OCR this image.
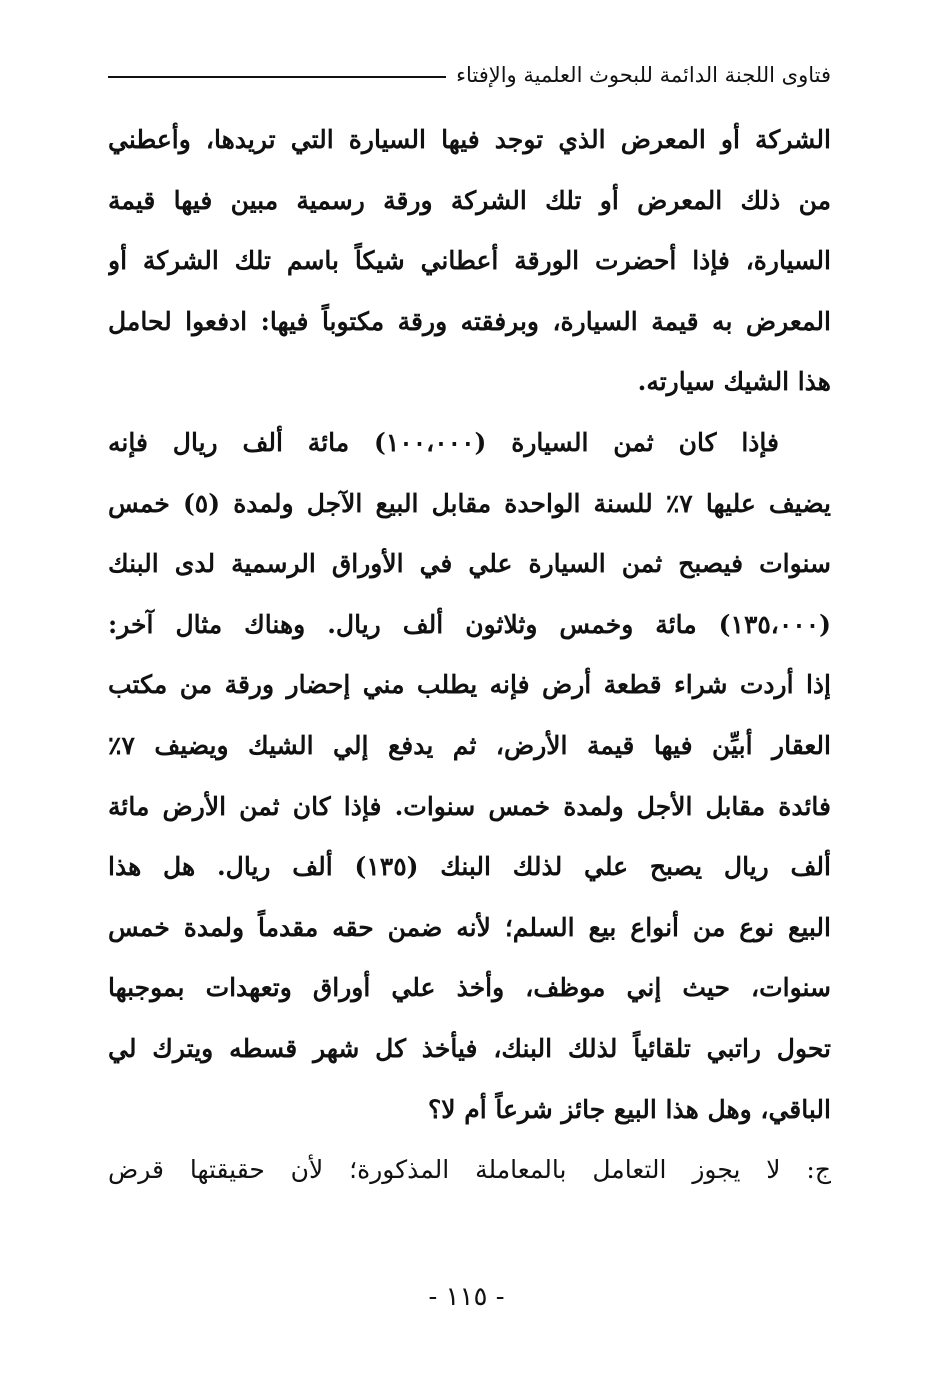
فتاوى اللجنة الدائمة للبحوث العلمية والإفتاء
الشركة أو المعرض الذي توجد فيها السيارة التي تريدها، وأعطني
من ذلك المعرض أو تلك الشركة ورقة رسمية مبين فيها قيمة
السيارة، فإذا أحضرت الورقة أعطاني شيكاً باسم تلك الشركة أو
المعرض به قيمة السيارة، وبرفقته ورقة مكتوباً فيها: ادفعوا لحامل
هذا الشيك سيارته.
فإذا كان ثمن السيارة (١٠٠،٠٠٠) مائة ألف ريال فإنه
يضيف عليها ٧٪ للسنة الواحدة مقابل البيع الآجل ولمدة (٥) خمس
سنوات فيصبح ثمن السيارة علي في الأوراق الرسمية لدى البنك
(١٣٥،٠٠٠) مائة وخمس وثلاثون ألف ريال. وهناك مثال آخر:
إذا أردت شراء قطعة أرض فإنه يطلب مني إحضار ورقة من مكتب
العقار أبيِّن فيها قيمة الأرض، ثم يدفع إلي الشيك ويضيف ٧٪
فائدة مقابل الأجل ولمدة خمس سنوات. فإذا كان ثمن الأرض مائة
ألف ريال يصبح علي لذلك البنك (١٣٥) ألف ريال. هل هذا
البيع نوع من أنواع بيع السلم؛ لأنه ضمن حقه مقدماً ولمدة خمس
سنوات، حيث إني موظف، وأخذ علي أوراق وتعهدات بموجبها
تحول راتبي تلقائياً لذلك البنك، فيأخذ كل شهر قسطه ويترك لي
الباقي، وهل هذا البيع جائز شرعاً أم لا؟
ج: لا يجوز التعامل بالمعاملة المذكورة؛ لأن حقيقتها قرض
- ١١٥ -
